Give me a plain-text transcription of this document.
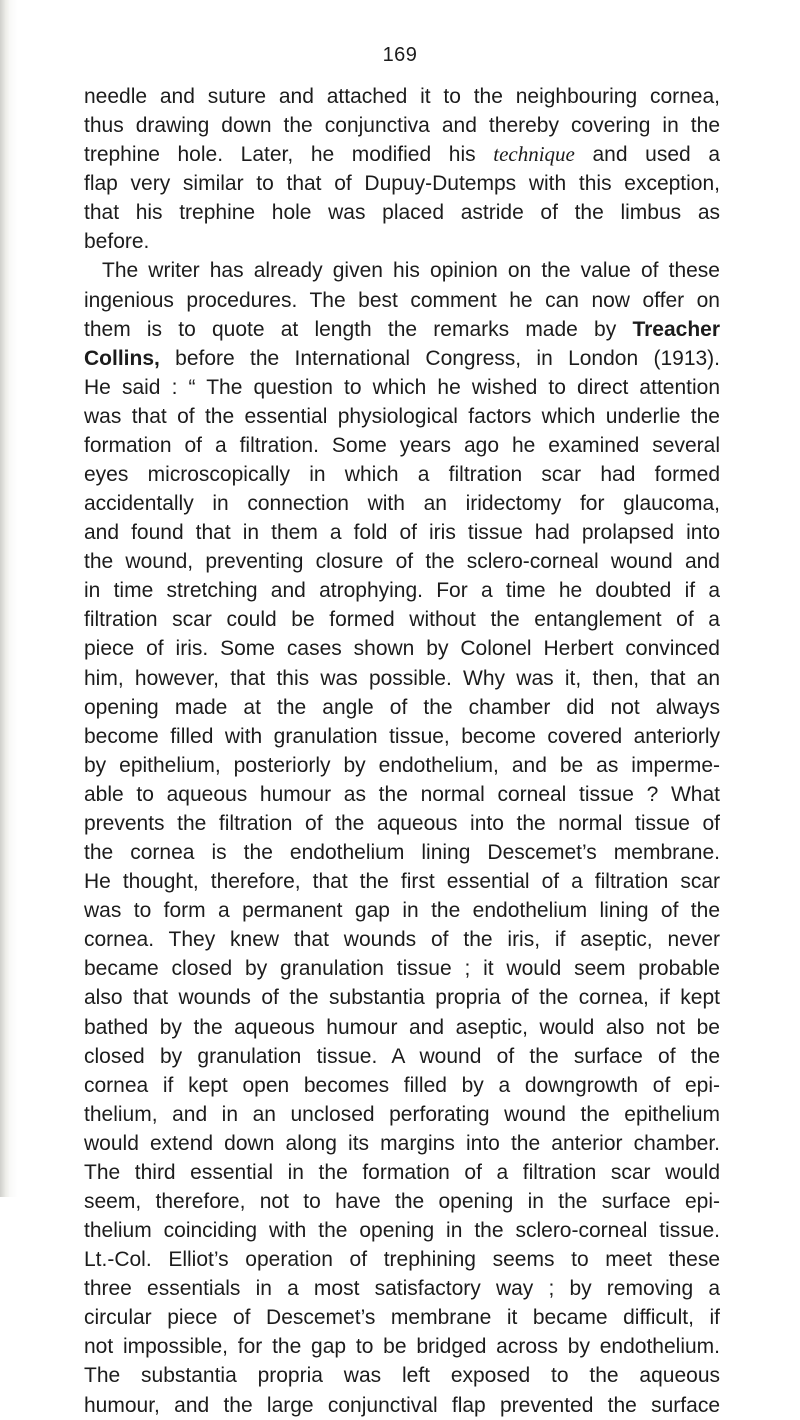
169
needle and suture and attached it to the neighbouring cornea,
thus drawing down the conjunctiva and thereby covering in the
trephine hole. Later, he modified his technique and used a
flap very similar to that of Dupuy-Dutemps with this exception,
that his trephine hole was placed astride of the limbus as
before.
The writer has already given his opinion on the value of these
ingenious procedures. The best comment he can now offer on
them is to quote at length the remarks made by Treacher
Collins, before the International Congress, in London (1913).
He said : “ The question to which he wished to direct attention
was that of the essential physiological factors which underlie the
formation of a filtration. Some years ago he examined several
eyes microscopically in which a filtration scar had formed
accidentally in connection with an iridectomy for glaucoma,
and found that in them a fold of iris tissue had prolapsed into
the wound, preventing closure of the sclero-corneal wound and
in time stretching and atrophying. For a time he doubted if a
filtration scar could be formed without the entanglement of a
piece of iris. Some cases shown by Colonel Herbert convinced
him, however, that this was possible. Why was it, then, that an
opening made at the angle of the chamber did not always
become filled with granulation tissue, become covered anteriorly
by epithelium, posteriorly by endothelium, and be as imperme-
able to aqueous humour as the normal corneal tissue ? What
prevents the filtration of the aqueous into the normal tissue of
the cornea is the endothelium lining Descemet’s membrane.
He thought, therefore, that the first essential of a filtration scar
was to form a permanent gap in the endothelium lining of the
cornea. They knew that wounds of the iris, if aseptic, never
became closed by granulation tissue ; it would seem probable
also that wounds of the substantia propria of the cornea, if kept
bathed by the aqueous humour and aseptic, would also not be
closed by granulation tissue. A wound of the surface of the
cornea if kept open becomes filled by a downgrowth of epi-
thelium, and in an unclosed perforating wound the epithelium
would extend down along its margins into the anterior chamber.
The third essential in the formation of a filtration scar would
seem, therefore, not to have the opening in the surface epi-
thelium coinciding with the opening in the sclero-corneal tissue.
Lt.-Col. Elliot’s operation of trephining seems to meet these
three essentials in a most satisfactory way ; by removing a
circular piece of Descemet’s membrane it became difficult, if
not impossible, for the gap to be bridged across by endothelium.
The substantia propria was left exposed to the aqueous
humour, and the large conjunctival flap prevented the surface
